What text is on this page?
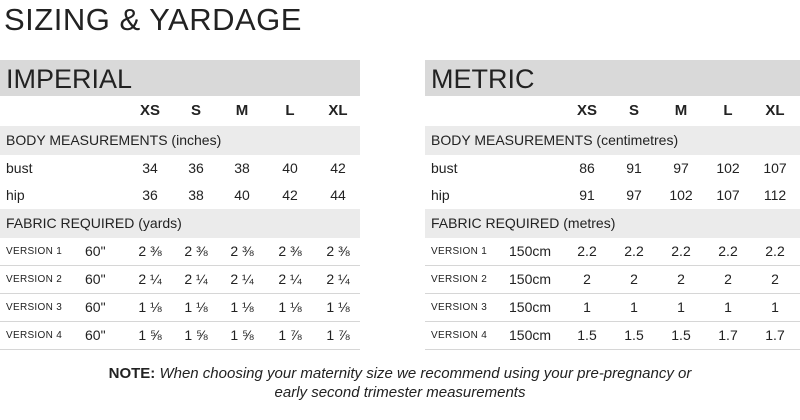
SIZING & YARDAGE
IMPERIAL
XS	S	M	L	XL
BODY MEASUREMENTS (inches)
bust	34	36	38	40	42
hip	36	38	40	42	44
FABRIC REQUIRED (yards)
VERSION 1 60"	2 ⅜	2 ⅜	2 ⅜	2 ⅜	2 ⅜
VERSION 2 60"	2 ¼	2 ¼	2 ¼	2 ¼	2 ¼
VERSION 3 60"	1 ⅛	1 ⅛	1 ⅛	1 ⅛	1 ⅛
VERSION 4 60"	1 ⅝	1 ⅝	1 ⅝	1 ⅞	1 ⅞
METRIC
XS	S	M	L	XL
BODY MEASUREMENTS (centimetres)
bust	86	91	97	102	107
hip	91	97	102	107	112
FABRIC REQUIRED (metres)
VERSION 1 150cm	2.2	2.2	2.2	2.2	2.2
VERSION 2 150cm	2	2	2	2	2
VERSION 3 150cm	1	1	1	1	1
VERSION 4 150cm	1.5	1.5	1.5	1.7	1.7
NOTE: When choosing your maternity size we recommend using your pre-pregnancy or
early second trimester measurements
